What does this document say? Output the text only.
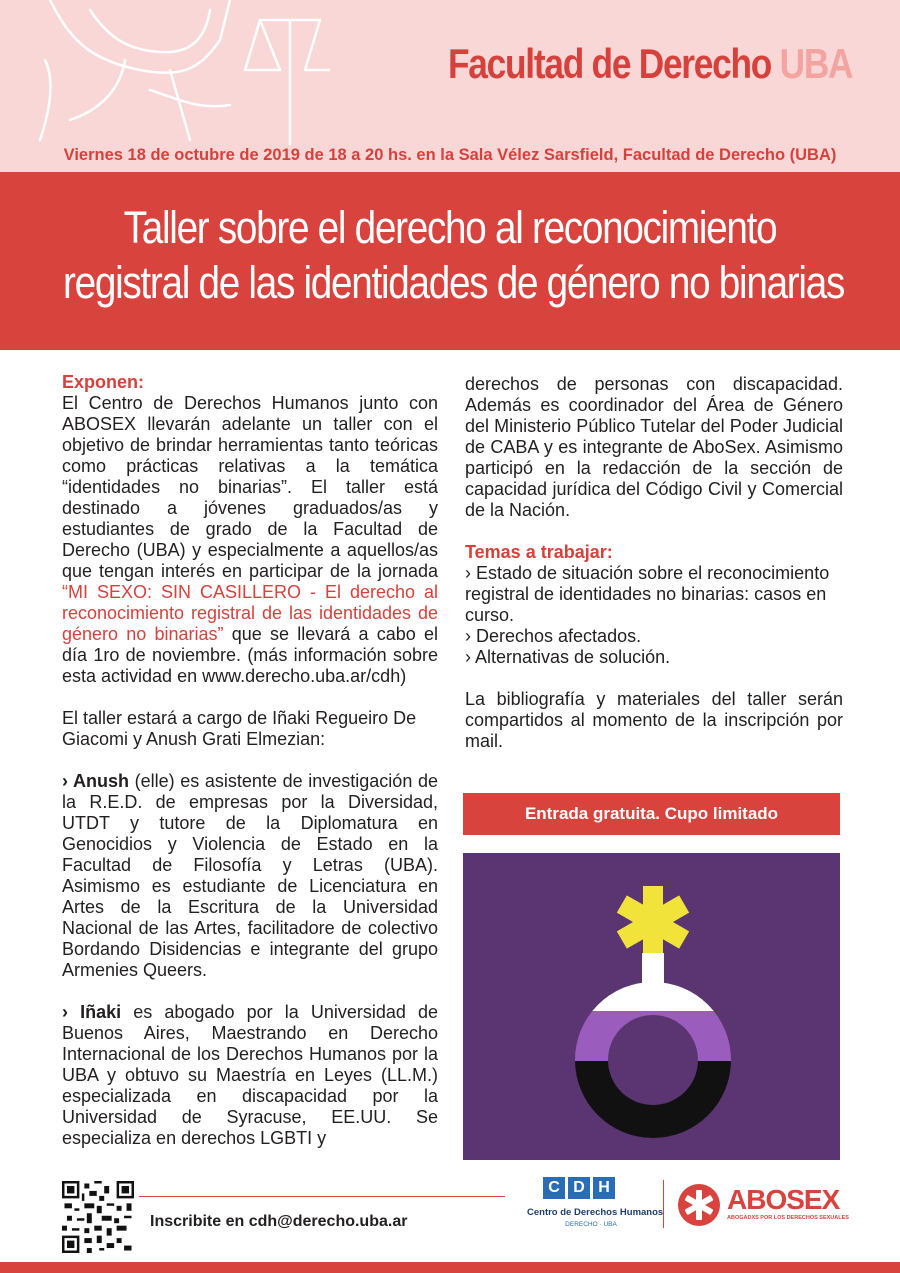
Facultad de Derecho UBA
Viernes 18 de octubre de 2019 de 18 a 20 hs. en la Sala Vélez Sarsfield, Facultad de Derecho (UBA)
Taller sobre el derecho al reconocimiento
registral de las identidades de género no binarias
Exponen:
El Centro de Derechos Humanos junto con ABOSEX llevarán adelante un taller con el objetivo de brindar herramientas tanto teóricas como prácticas relativas a la temática “identidades no binarias”. El taller está destinado a jóvenes graduados/as y estudiantes de grado de la Facultad de Derecho (UBA) y especialmente a aquellos/as que tengan interés en participar de la jornada “MI SEXO: SIN CASILLERO - El derecho al reconocimiento registral de las identidades de género no binarias” que se llevará a cabo el día 1ro de noviembre. (más información sobre esta actividad en www.derecho.uba.ar/cdh)
El taller estará a cargo de Iñaki Regueiro De Giacomi y Anush Grati Elmezian:
› Anush (elle) es asistente de investigación de la R.E.D. de empresas por la Diversidad, UTDT y tutore de la Diplomatura en Genocidios y Violencia de Estado en la Facultad de Filosofía y Letras (UBA). Asimismo es estudiante de Licenciatura en Artes de la Escritura de la Universidad Nacional de las Artes, facilitadore de colectivo Bordando Disidencias e integrante del grupo Armenies Queers.
› Iñaki es abogado por la Universidad de Buenos Aires, Maestrando en Derecho Internacional de los Derechos Humanos por la UBA y obtuvo su Maestría en Leyes (LL.M.) especializada en discapacidad por la Universidad de Syracuse, EE.UU. Se especializa en derechos LGBTI y
derechos de personas con discapacidad. Además es coordinador del Área de Género del Ministerio Público Tutelar del Poder Judicial de CABA y es integrante de AboSex. Asimismo participó en la redacción de la sección de capacidad jurídica del Código Civil y Comercial de la Nación.
Temas a trabajar:
› Estado de situación sobre el reconocimiento registral de identidades no binarias: casos en curso.
› Derechos afectados.
› Alternativas de solución.
La bibliografía y materiales del taller serán compartidos al momento de la inscripción por mail.
Entrada gratuita. Cupo limitado
Inscribite en cdh@derecho.uba.ar
C D H
Centro de Derechos Humanos
DERECHO · UBA
ABOSEX
ABOGADXS POR LOS DERECHOS SEXUALES
